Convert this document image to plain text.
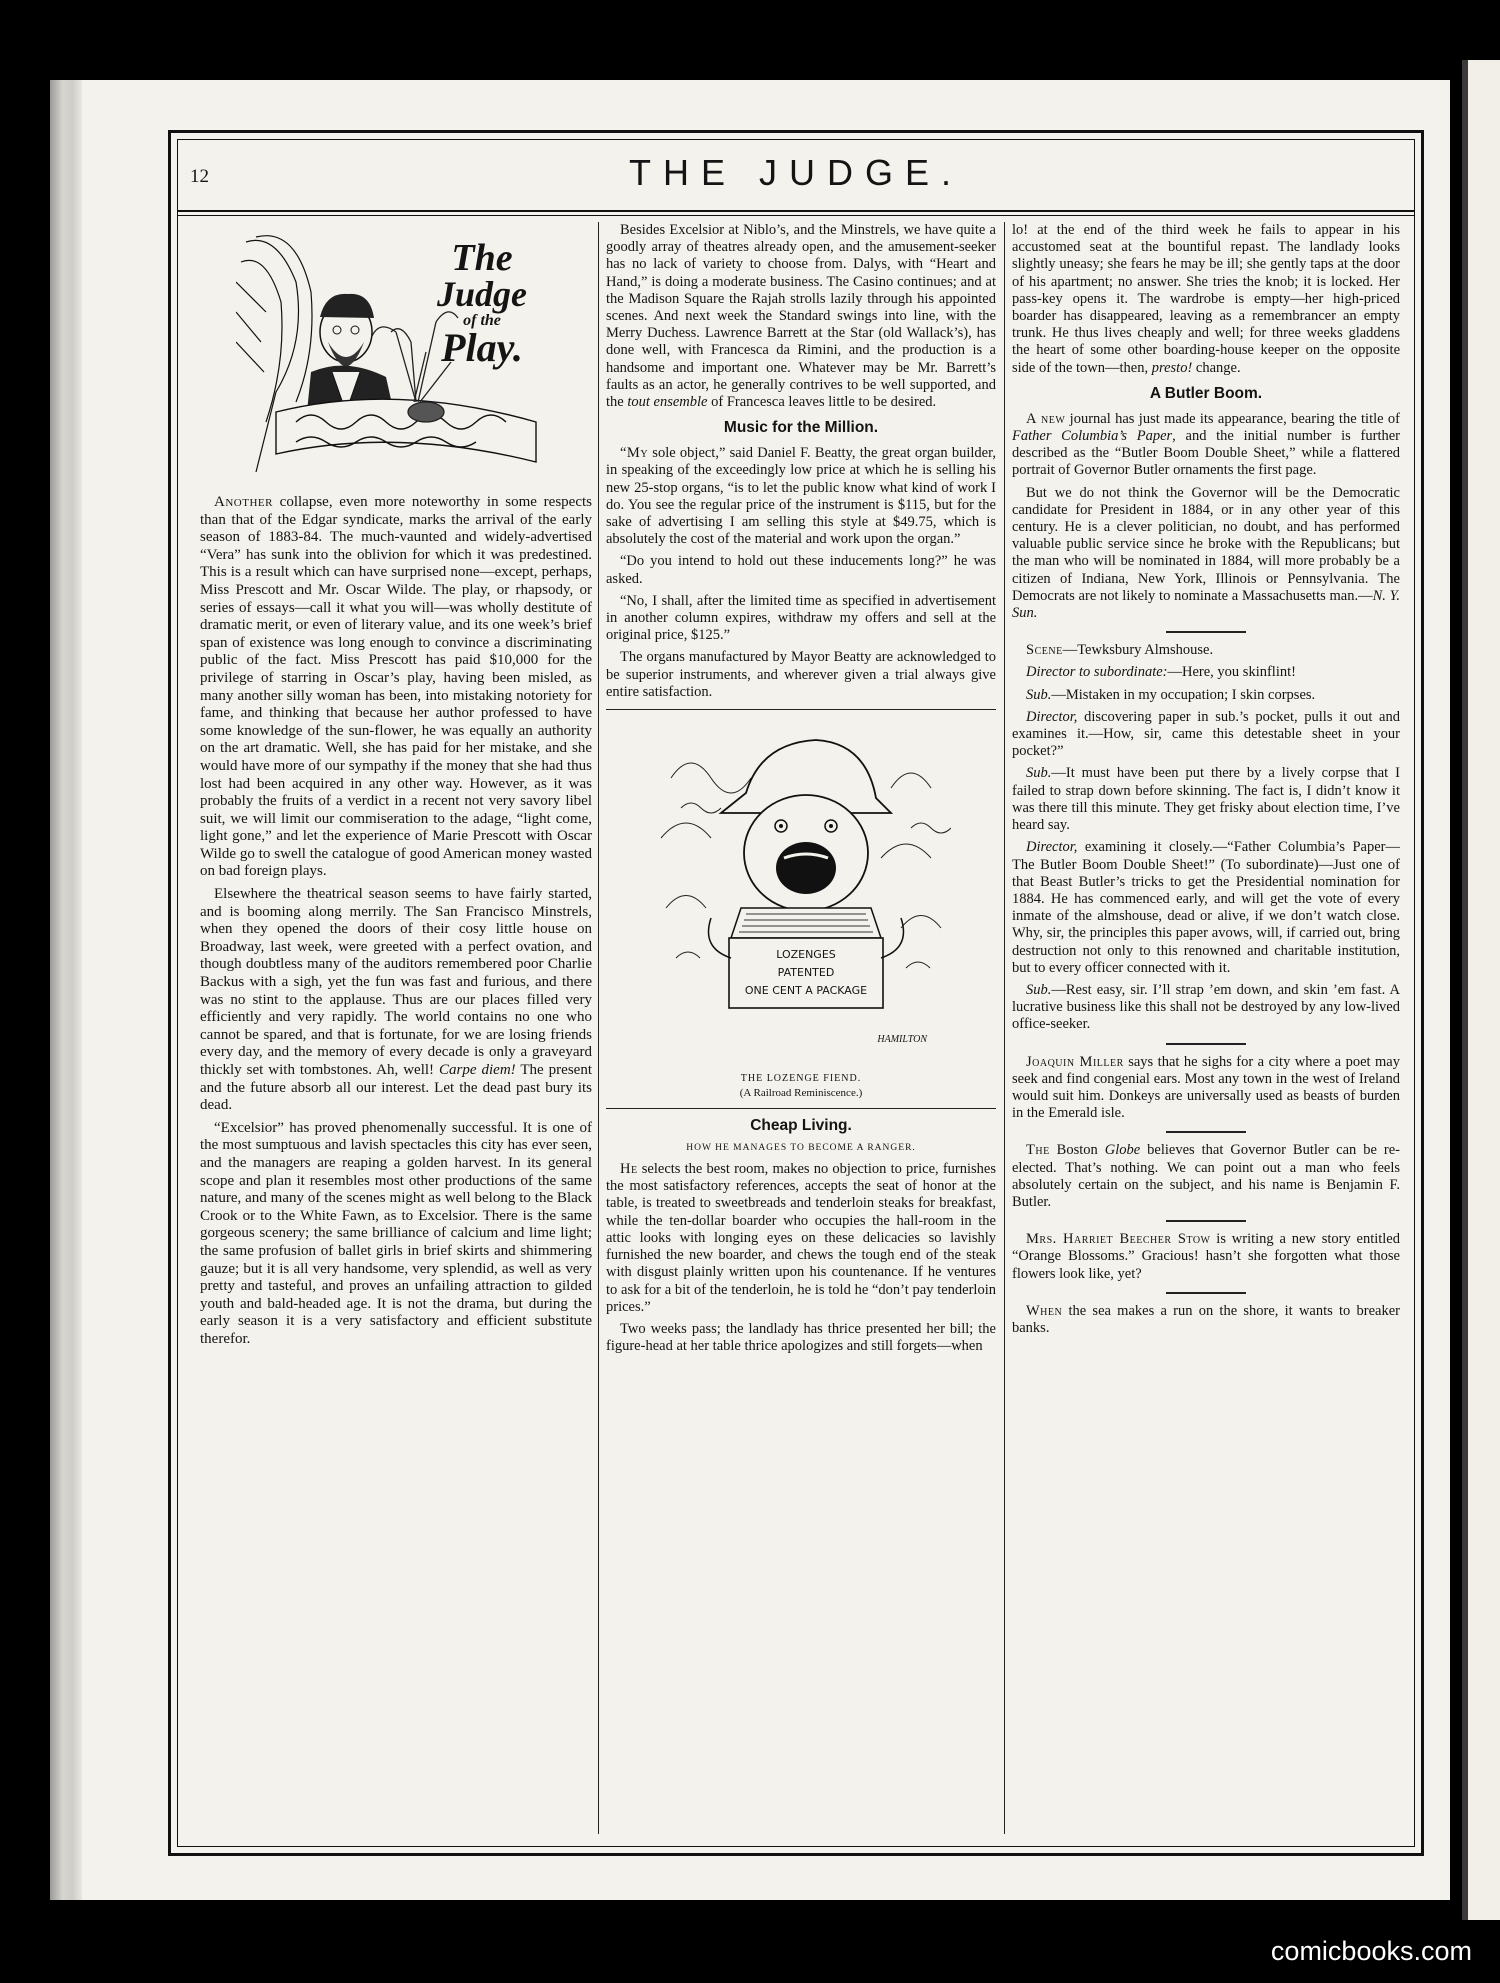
12	THE JUDGE.
The
Judge
of the
Play.

Another collapse, even more noteworthy in some respects than that of the Edgar syndicate, marks the arrival of the early season of 1883-84. The much-vaunted and widely-advertised “Vera” has sunk into the oblivion for which it was predestined. This is a result which can have surprised none—except, perhaps, Miss Prescott and Mr. Oscar Wilde. The play, or rhapsody, or series of essays—call it what you will—was wholly destitute of dramatic merit, or even of literary value, and its one week’s brief span of existence was long enough to convince a discriminating public of the fact. Miss Prescott has paid $10,000 for the privilege of starring in Oscar’s play, having been misled, as many another silly woman has been, into mistaking notoriety for fame, and thinking that because her author professed to have some knowledge of the sun-flower, he was equally an authority on the art dramatic. Well, she has paid for her mistake, and she would have more of our sympathy if the money that she had thus lost had been acquired in any other way. However, as it was probably the fruits of a verdict in a recent not very savory libel suit, we will limit our commiseration to the adage, “light come, light gone,” and let the experience of Marie Prescott with Oscar Wilde go to swell the catalogue of good American money wasted on bad foreign plays.

Elsewhere the theatrical season seems to have fairly started, and is booming along merrily. The San Francisco Minstrels, when they opened the doors of their cosy little house on Broadway, last week, were greeted with a perfect ovation, and though doubtless many of the auditors remembered poor Charlie Backus with a sigh, yet the fun was fast and furious, and there was no stint to the applause. Thus are our places filled very efficiently and very rapidly. The world contains no one who cannot be spared, and that is fortunate, for we are losing friends every day, and the memory of every decade is only a graveyard thickly set with tombstones. Ah, well! Carpe diem! The present and the future absorb all our interest. Let the dead past bury its dead.

“Excelsior” has proved phenomenally successful. It is one of the most sumptuous and lavish spectacles this city has ever seen, and the managers are reaping a golden harvest. In its general scope and plan it resembles most other productions of the same nature, and many of the scenes might as well belong to the Black Crook or to the White Fawn, as to Excelsior. There is the same gorgeous scenery; the same brilliance of calcium and lime light; the same profusion of ballet girls in brief skirts and shimmering gauze; but it is all very handsome, very splendid, as well as very pretty and tasteful, and proves an unfailing attraction to gilded youth and bald-headed age. It is not the drama, but during the early season it is a very satisfactory and efficient substitute therefor.

Besides Excelsior at Niblo’s, and the Minstrels, we have quite a goodly array of theatres already open, and the amusement-seeker has no lack of variety to choose from. Dalys, with “Heart and Hand,” is doing a moderate business. The Casino continues; and at the Madison Square the Rajah strolls lazily through his appointed scenes. And next week the Standard swings into line, with the Merry Duchess. Lawrence Barrett at the Star (old Wallack’s), has done well, with Francesca da Rimini, and the production is a handsome and important one. Whatever may be Mr. Barrett’s faults as an actor, he generally contrives to be well supported, and the tout ensemble of Francesca leaves little to be desired.

Music for the Million.

“My sole object,” said Daniel F. Beatty, the great organ builder, in speaking of the exceedingly low price at which he is selling his new 25-stop organs, “is to let the public know what kind of work I do. You see the regular price of the instrument is $115, but for the sake of advertising I am selling this style at $49.75, which is absolutely the cost of the material and work upon the organ.”

“Do you intend to hold out these inducements long?” he was asked.

“No, I shall, after the limited time as specified in advertisement in another column expires, withdraw my offers and sell at the original price, $125.”

The organs manufactured by Mayor Beatty are acknowledged to be superior instruments, and wherever given a trial always give entire satisfaction.

LOZENGES
PATENTED
ONE CENT A PACKAGE
HAMILTON
THE LOZENGE FIEND.
(A Railroad Reminiscence.)
Cheap Living.
HOW HE MANAGES TO BECOME A RANGER.

He selects the best room, makes no objection to price, furnishes the most satisfactory references, accepts the seat of honor at the table, is treated to sweetbreads and tenderloin steaks for breakfast, while the ten-dollar boarder who occupies the hall-room in the attic looks with longing eyes on these delicacies so lavishly furnished the new boarder, and chews the tough end of the steak with disgust plainly written upon his countenance. If he ventures to ask for a bit of the tenderloin, he is told he “don’t pay tenderloin prices.”

Two weeks pass; the landlady has thrice presented her bill; the figure-head at her table thrice apologizes and still forgets—when

lo! at the end of the third week he fails to appear in his accustomed seat at the bountiful repast. The landlady looks slightly uneasy; she fears he may be ill; she gently taps at the door of his apartment; no answer. She tries the knob; it is locked. Her pass-key opens it. The wardrobe is empty—her high-priced boarder has disappeared, leaving as a remembrancer an empty trunk. He thus lives cheaply and well; for three weeks gladdens the heart of some other boarding-house keeper on the opposite side of the town—then, presto! change.

A Butler Boom.

A new journal has just made its appearance, bearing the title of Father Columbia’s Paper, and the initial number is further described as the “Butler Boom Double Sheet,” while a flattered portrait of Governor Butler ornaments the first page.

But we do not think the Governor will be the Democratic candidate for President in 1884, or in any other year of this century. He is a clever politician, no doubt, and has performed valuable public service since he broke with the Republicans; but the man who will be nominated in 1884, will more probably be a citizen of Indiana, New York, Illinois or Pennsylvania. The Democrats are not likely to nominate a Massachusetts man.—N. Y. Sun.

Scene—Tewksbury Almshouse.

Director to subordinate:—Here, you skinflint!

Sub.—Mistaken in my occupation; I skin corpses.

Director, discovering paper in sub.’s pocket, pulls it out and examines it.—How, sir, came this detestable sheet in your pocket?”

Sub.—It must have been put there by a lively corpse that I failed to strap down before skinning. The fact is, I didn’t know it was there till this minute. They get frisky about election time, I’ve heard say.

Director, examining it closely.—“Father Columbia’s Paper—The Butler Boom Double Sheet!” (To subordinate)—Just one of that Beast Butler’s tricks to get the Presidential nomination for 1884. He has commenced early, and will get the vote of every inmate of the almshouse, dead or alive, if we don’t watch close. Why, sir, the principles this paper avows, will, if carried out, bring destruction not only to this renowned and charitable institution, but to every officer connected with it.

Sub.—Rest easy, sir. I’ll strap ’em down, and skin ’em fast. A lucrative business like this shall not be destroyed by any low-lived office-seeker.

Joaquin Miller says that he sighs for a city where a poet may seek and find congenial ears. Most any town in the west of Ireland would suit him. Donkeys are universally used as beasts of burden in the Emerald isle.

The Boston Globe believes that Governor Butler can be re-elected. That’s nothing. We can point out a man who feels absolutely certain on the subject, and his name is Benjamin F. Butler.

Mrs. Harriet Beecher Stow is writing a new story entitled “Orange Blossoms.” Gracious! hasn’t she forgotten what those flowers look like, yet?

When the sea makes a run on the shore, it wants to breaker banks.

comicbooks.com
